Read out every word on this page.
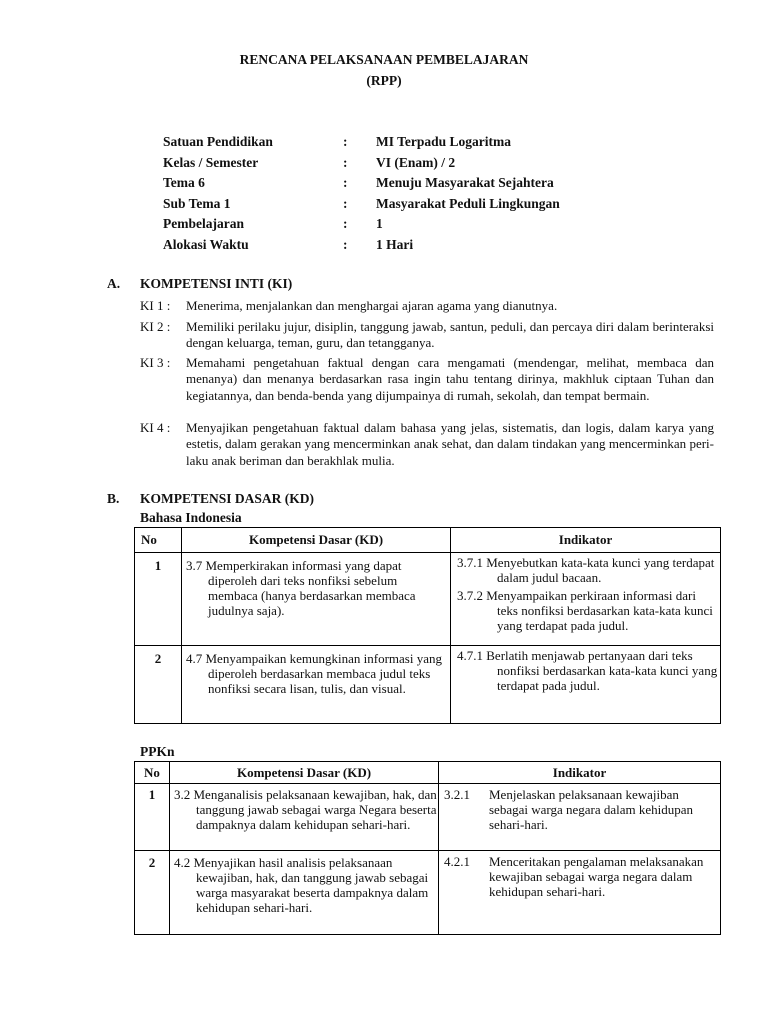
RENCANA PELAKSANAAN PEMBELAJARAN
(RPP)
Satuan Pendidikan	:	MI Terpadu Logaritma
Kelas / Semester	:	VI (Enam) / 2
Tema 6	:	Menuju Masyarakat Sejahtera
Sub Tema 1	:	Masyarakat Peduli Lingkungan
Pembelajaran	:	1
Alokasi Waktu	:	1 Hari
A. KOMPETENSI INTI (KI)
KI 1 : Menerima, menjalankan dan menghargai ajaran agama yang dianutnya.
KI 2 : Memiliki perilaku jujur, disiplin, tanggung jawab, santun, peduli, dan percaya diri dalam berinteraksi dengan keluarga, teman, guru, dan tetangganya.
KI 3 : Memahami pengetahuan faktual dengan cara mengamati (mendengar, melihat, membaca dan menanya) dan menanya berdasarkan rasa ingin tahu tentang dirinya, makhluk ciptaan Tuhan dan kegiatannya, dan benda-benda yang dijumpainya di rumah, sekolah, dan tempat bermain.
KI 4 : Menyajikan pengetahuan faktual dalam bahasa yang jelas, sistematis, dan logis, dalam karya yang estetis, dalam gerakan yang mencerminkan anak sehat, dan dalam tindakan yang mencerminkan peri-laku anak beriman dan berakhlak mulia.
B. KOMPETENSI DASAR (KD)
Bahasa Indonesia
No	Kompetensi Dasar (KD)	Indikator
1	3.7 Memperkirakan informasi yang dapat diperoleh dari teks nonfiksi sebelum membaca (hanya berdasarkan membaca judulnya saja).	3.7.1 Menyebutkan kata-kata kunci yang terdapat dalam judul bacaan.
3.7.2 Menyampaikan perkiraan informasi dari teks nonfiksi berdasarkan kata-kata kunci yang terdapat pada judul.

2	4.7 Menyampaikan kemungkinan informasi yang diperoleh berdasarkan membaca judul teks nonfiksi secara lisan, tulis, dan visual.	4.7.1 Berlatih menjawab pertanyaan dari teks nonfiksi berdasarkan kata-kata kunci yang terdapat pada judul.
PPKn
No	Kompetensi Dasar (KD)	Indikator
1	3.2 Menganalisis pelaksanaan kewajiban, hak, dan tanggung jawab sebagai warga Negara beserta dampaknya dalam kehidupan sehari-hari.	3.2.1 Menjelaskan pelaksanaan kewajiban sebagai warga negara dalam kehidupan sehari-hari.

2	4.2 Menyajikan hasil analisis pelaksanaan kewajiban, hak, dan tanggung jawab sebagai warga masyarakat beserta dampaknya dalam kehidupan sehari-hari.	4.2.1 Menceritakan pengalaman melaksanakan kewajiban sebagai warga negara dalam kehidupan sehari-hari.
